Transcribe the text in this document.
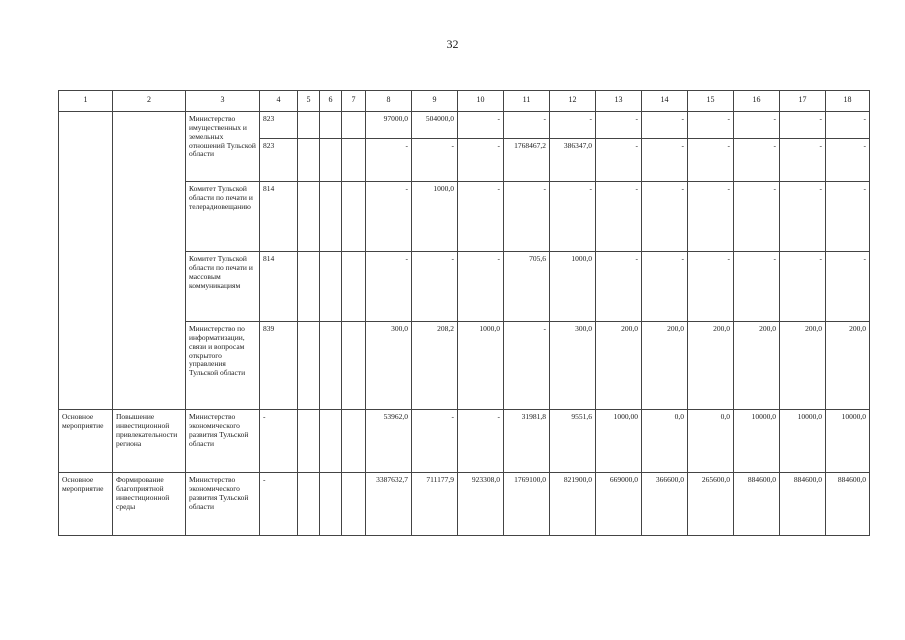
32
1	2	3	4	5	6	7	8	9	10	11	12	13	14	15	16	17	18
		Министерство имущественных и земельных отношений Тульской области	823				97000,0	504000,0	-	-	-	-	-	-	-	-	-
			823				-	-	-	1768467,2	386347,0	-	-	-	-	-	-
		Комитет Тульской области по печати и телерадиовещанию	814				-	1000,0	-	-	-	-	-	-	-	-	-
		Комитет Тульской области по печати и массовым коммуникациям	814				-	-	-	705,6	1000,0	-	-	-	-	-	-
		Министерство по информатизации, связи и вопросам открытого управления Тульской области	839				300,0	208,2	1000,0	-	300,0	200,0	200,0	200,0	200,0	200,0	200,0
Основное мероприятие	Повышение инвестиционной привлекательности региона	Министерство экономического развития Тульской области	-				53962,0	-	-	31981,8	9551,6	1000,00	0,0	0,0	10000,0	10000,0	10000,0
Основное мероприятие	Формирование благоприятной инвестиционной среды	Министерство экономического развития Тульской области	-				3387632,7	711177,9	923308,0	1769100,0	821900,0	669000,0	366600,0	265600,0	884600,0	884600,0	884600,0
